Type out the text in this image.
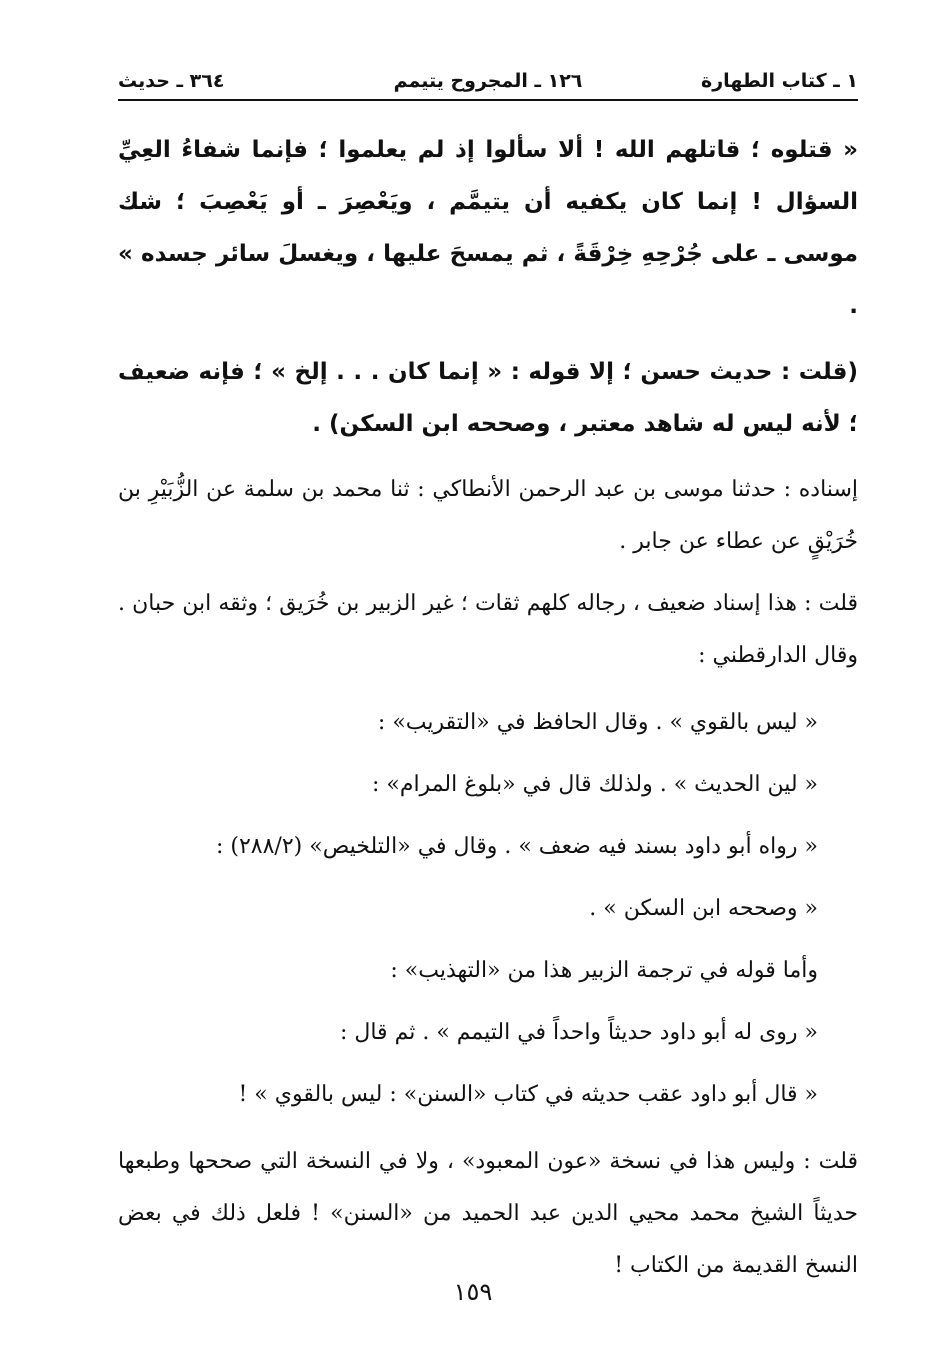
١ ـ كتاب الطهارة
١٢٦ ـ المجروح يتيمم
٣٦٤ ـ حديث

« قتلوه ؛ قاتلهم الله ! ألا سألوا إذ لم يعلموا ؛ فإنما شفاءُ العِيِّ السؤال ! إنما كان يكفيه أن يتيمَّم ، ويَعْصِرَ ـ أو يَعْصِبَ ؛ شك موسى ـ على جُرْحِهِ خِرْقَةً ، ثم يمسحَ عليها ، ويغسلَ سائر جسده » .

(قلت : حديث حسن ؛ إلا قوله : « إنما كان . . . إلخ » ؛ فإنه ضعيف ؛ لأنه ليس له شاهد معتبر ، وصححه ابن السكن) .

إسناده : حدثنا موسى بن عبد الرحمن الأنطاكي : ثنا محمد بن سلمة عن الزُّبَيْرِ بن خُرَيْقٍ عن عطاء عن جابر .

قلت : هذا إسناد ضعيف ، رجاله كلهم ثقات ؛ غير الزبير بن خُرَيق ؛ وثقه ابن حبان . وقال الدارقطني :

« ليس بالقوي » . وقال الحافظ في «التقريب» :

« لين الحديث » . ولذلك قال في «بلوغ المرام» :

« رواه أبو داود بسند فيه ضعف » . وقال في «التلخيص» (٢٨٨/٢) :

« وصححه ابن السكن » .

وأما قوله في ترجمة الزبير هذا من «التهذيب» :

« روى له أبو داود حديثاً واحداً في التيمم » . ثم قال :

« قال أبو داود عقب حديثه في كتاب «السنن» : ليس بالقوي » !

قلت : وليس هذا في نسخة «عون المعبود» ، ولا في النسخة التي صححها وطبعها حديثاً الشيخ محمد محيي الدين عبد الحميد من «السنن» ! فلعل ذلك في بعض النسخ القديمة من الكتاب !

١٥٩
